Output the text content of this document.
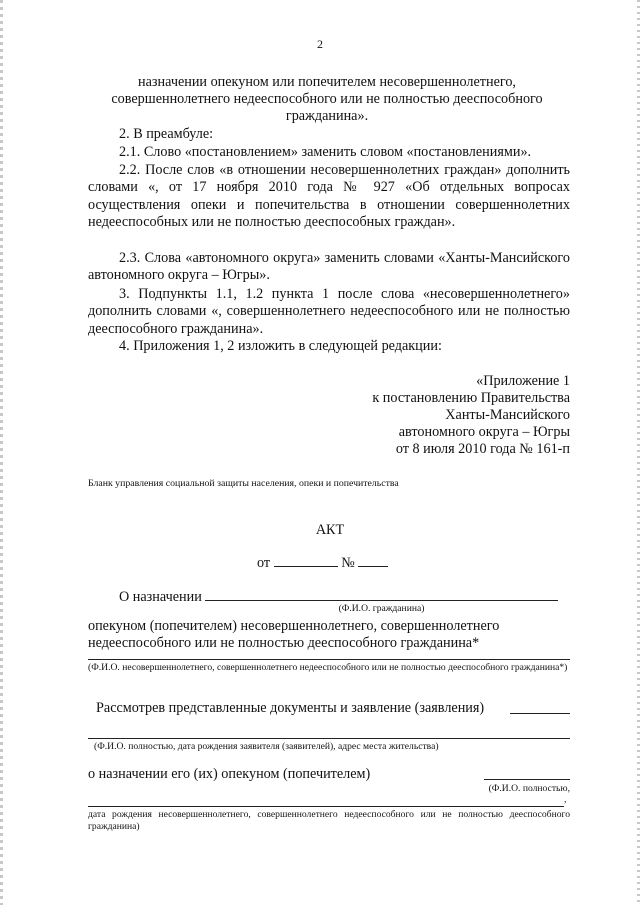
2
назначении опекуном или попечителем несовершеннолетнего,
совершеннолетнего недееспособного или не полностью дееспособного
гражданина».
2. В преамбуле:
2.1. Слово «постановлением» заменить словом «постановлениями».
2.2. После слов «в отношении несовершеннолетних граждан» дополнить словами «, от 17 ноября 2010 года № 927 «Об отдельных вопросах осуществления опеки и попечительства в отношении совершеннолетних недееспособных или не полностью дееспособных граждан».
2.3. Слова «автономного округа» заменить словами «Ханты-Мансийского автономного округа – Югры».
3. Подпункты 1.1, 1.2 пункта 1 после слова «несовершеннолетнего» дополнить словами «, совершеннолетнего недееспособного или не полностью дееспособного гражданина».
4. Приложения 1, 2 изложить в следующей редакции:
«Приложение 1
к постановлению Правительства
Ханты-Мансийского
автономного округа – Югры
от 8 июля 2010 года № 161-п
Бланк управления социальной защиты населения, опеки и попечительства
АКТ
от	№
О назначении
(Ф.И.О. гражданина)
опекуном (попечителем) несовершеннолетнего, совершеннолетнего
недееспособного или не полностью дееспособного гражданина*
(Ф.И.О. несовершеннолетнего, совершеннолетнего недееспособного или не полностью дееспособного гражданина*)
Рассмотрев представленные документы и заявление (заявления)
(Ф.И.О. полностью, дата рождения заявителя (заявителей), адрес места жительства)
о назначении его (их) опекуном (попечителем)
(Ф.И.О. полностью,
,
дата рождения несовершеннолетнего, совершеннолетнего недееспособного или не полностью дееспособного гражданина)
